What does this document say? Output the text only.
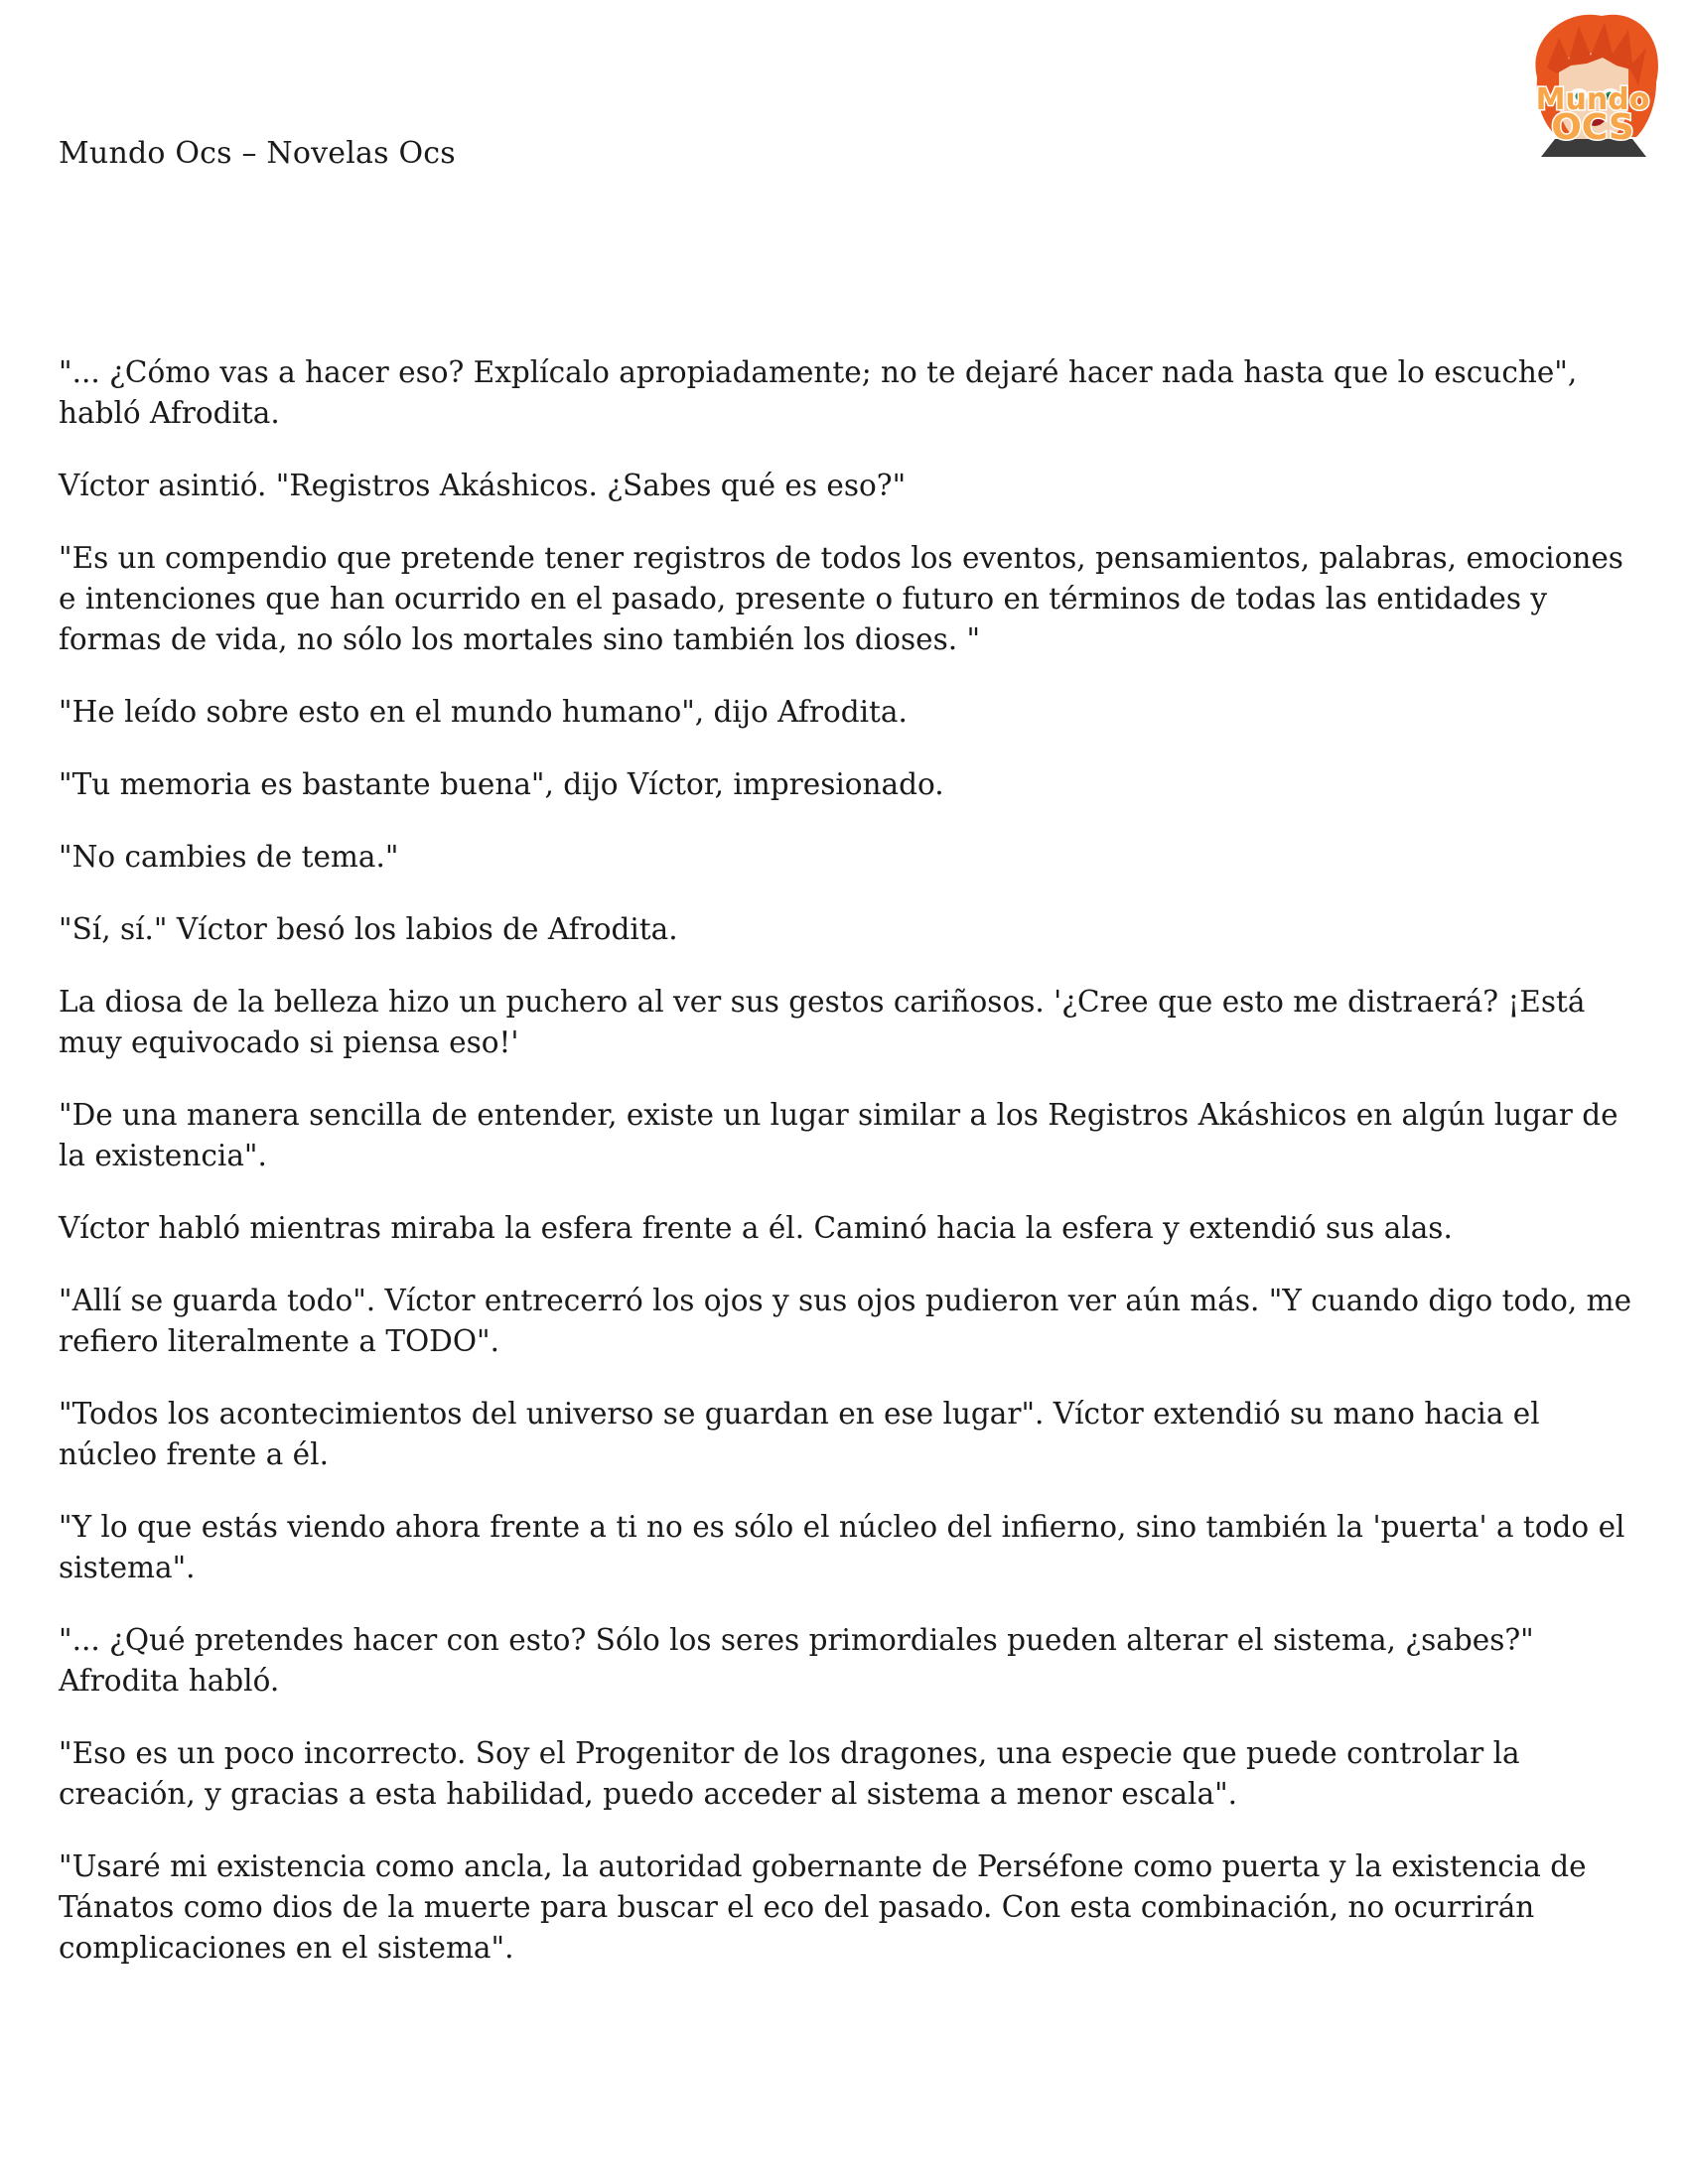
Mundo Ocs – Novelas Ocs
Mundo
OCS

"... ¿Cómo vas a hacer eso? Explícalo apropiadamente; no te dejaré hacer nada hasta que lo escuche", habló Afrodita.

Víctor asintió. "Registros Akáshicos. ¿Sabes qué es eso?"

"Es un compendio que pretende tener registros de todos los eventos, pensamientos, palabras, emociones e intenciones que han ocurrido en el pasado, presente o futuro en términos de todas las entidades y formas de vida, no sólo los mortales sino también los dioses. "

"He leído sobre esto en el mundo humano", dijo Afrodita.

"Tu memoria es bastante buena", dijo Víctor, impresionado.

"No cambies de tema."

"Sí, sí." Víctor besó los labios de Afrodita.

La diosa de la belleza hizo un puchero al ver sus gestos cariñosos. '¿Cree que esto me distraerá? ¡Está muy equivocado si piensa eso!'

"De una manera sencilla de entender, existe un lugar similar a los Registros Akáshicos en algún lugar de la existencia".

Víctor habló mientras miraba la esfera frente a él. Caminó hacia la esfera y extendió sus alas.

"Allí se guarda todo". Víctor entrecerró los ojos y sus ojos pudieron ver aún más. "Y cuando digo todo, me refiero literalmente a TODO".

"Todos los acontecimientos del universo se guardan en ese lugar". Víctor extendió su mano hacia el núcleo frente a él.

"Y lo que estás viendo ahora frente a ti no es sólo el núcleo del infierno, sino también la 'puerta' a todo el sistema".

"... ¿Qué pretendes hacer con esto? Sólo los seres primordiales pueden alterar el sistema, ¿sabes?" Afrodita habló.

"Eso es un poco incorrecto. Soy el Progenitor de los dragones, una especie que puede controlar la creación, y gracias a esta habilidad, puedo acceder al sistema a menor escala".

"Usaré mi existencia como ancla, la autoridad gobernante de Perséfone como puerta y la existencia de Tánatos como dios de la muerte para buscar el eco del pasado. Con esta combinación, no ocurrirán complicaciones en el sistema".
